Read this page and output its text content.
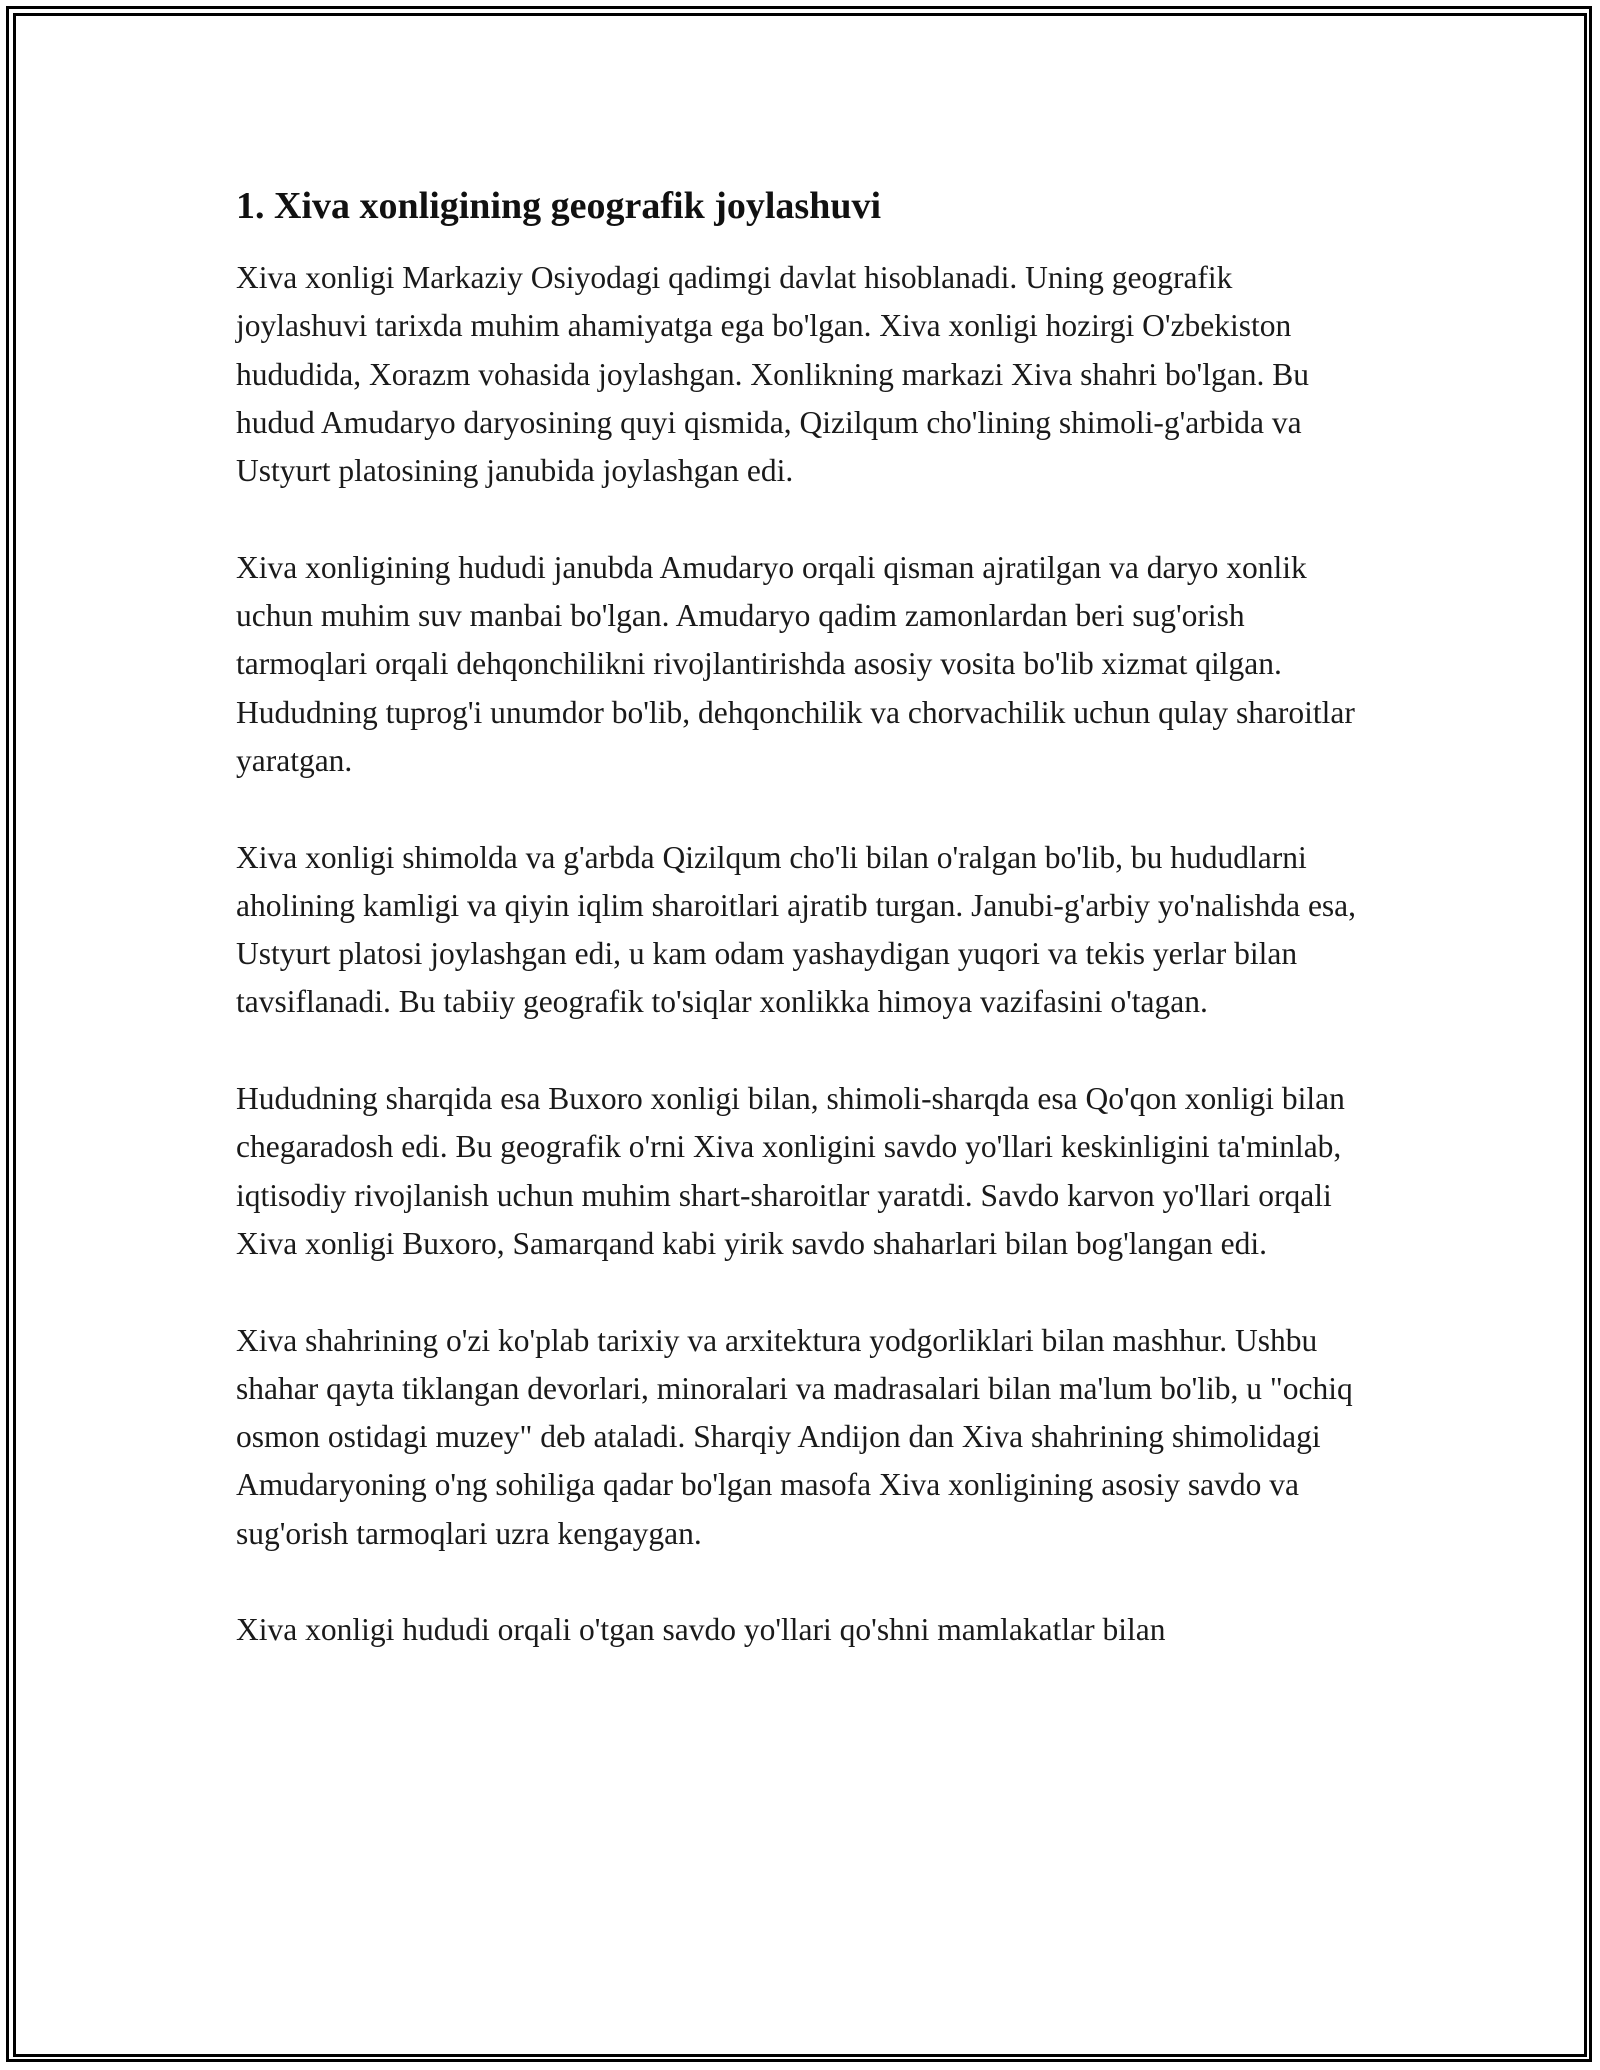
1. Xiva xonligining geografik joylashuvi

Xiva xonligi Markaziy Osiyodagi qadimgi davlat hisoblanadi. Uning geografik joylashuvi tarixda muhim ahamiyatga ega bo'lgan. Xiva xonligi hozirgi O'zbekiston hududida, Xorazm vohasida joylashgan. Xonlikning markazi Xiva shahri bo'lgan. Bu hudud Amudaryo daryosining quyi qismida, Qizilqum cho'lining shimoli-g'arbida va Ustyurt platosining janubida joylashgan edi.

Xiva xonligining hududi janubda Amudaryo orqali qisman ajratilgan va daryo xonlik uchun muhim suv manbai bo'lgan. Amudaryo qadim zamonlardan beri sug'orish tarmoqlari orqali dehqonchilikni rivojlantirishda asosiy vosita bo'lib xizmat qilgan. Hududning tuprog'i unumdor bo'lib, dehqonchilik va chorvachilik uchun qulay sharoitlar yaratgan.

Xiva xonligi shimolda va g'arbda Qizilqum cho'li bilan o'ralgan bo'lib, bu hududlarni aholining kamligi va qiyin iqlim sharoitlari ajratib turgan. Janubi-g'arbiy yo'nalishda esa, Ustyurt platosi joylashgan edi, u kam odam yashaydigan yuqori va tekis yerlar bilan tavsiflanadi. Bu tabiiy geografik to'siqlar xonlikka himoya vazifasini o'tagan.

Hududning sharqida esa Buxoro xonligi bilan, shimoli-sharqda esa Qo'qon xonligi bilan chegaradosh edi. Bu geografik o'rni Xiva xonligini savdo yo'llari keskinligini ta'minlab, iqtisodiy rivojlanish uchun muhim shart-sharoitlar yaratdi. Savdo karvon yo'llari orqali Xiva xonligi Buxoro, Samarqand kabi yirik savdo shaharlari bilan bog'langan edi.

Xiva shahrining o'zi ko'plab tarixiy va arxitektura yodgorliklari bilan mashhur. Ushbu shahar qayta tiklangan devorlari, minoralari va madrasalari bilan ma'lum bo'lib, u "ochiq osmon ostidagi muzey" deb ataladi. Sharqiy Andijon dan Xiva shahrining shimolidagi Amudaryoning o'ng sohiliga qadar bo'lgan masofa Xiva xonligining asosiy savdo va sug'orish tarmoqlari uzra kengaygan.

Xiva xonligi hududi orqali o'tgan savdo yo'llari qo'shni mamlakatlar bilan
